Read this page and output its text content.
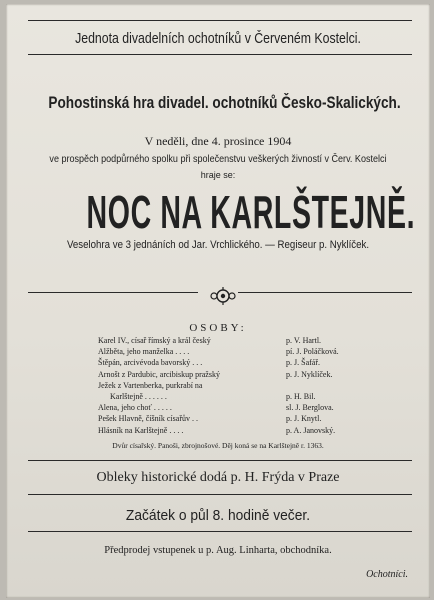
Jednota divadelních ochotníků v Červeném Kostelci.
Pohostinská hra divadel. ochotníků Česko-Skalických.
V neděli, dne 4. prosince 1904
ve prospěch podpůrného spolku při společenstvu veškerých živností v Červ. Kostelci
hraje se:
NOC NA KARLŠTEJNĚ.
Veselohra ve 3 jednáních od Jar. Vrchlického. — Regiseur p. Nyklíček.
OSOBY:
Karel IV., císař římský a král český	p. V. Hartl.
Alžběta, jeho manželka . . . .	pí. J. Poláčková.
Štěpán, arcivévoda bavorský . . .	p. J. Šafář.
Arnošt z Pardubic, arcibiskup pražský	p. J. Nyklíček.
Ježek z Vartenberka, purkrabí na
Karlštejně . . . . . .	p. H. Bil.
Alena, jeho choť . . . . .	sl. J. Berglova.
Pešek Hlavně, číšník císařův . .	p. J. Knytl.
Hlásník na Karlštejně . . . .	p. A. Janovský.
Dvůr císařský. Panoši, zbrojnošové. Děj koná se na Karlštejně r. 1363.
Obleky historické dodá p. H. Frýda v Praze
Začátek o půl 8. hodině večer.
Předprodej vstupenek u p. Aug. Linharta, obchodníka.
Ochotníci.
